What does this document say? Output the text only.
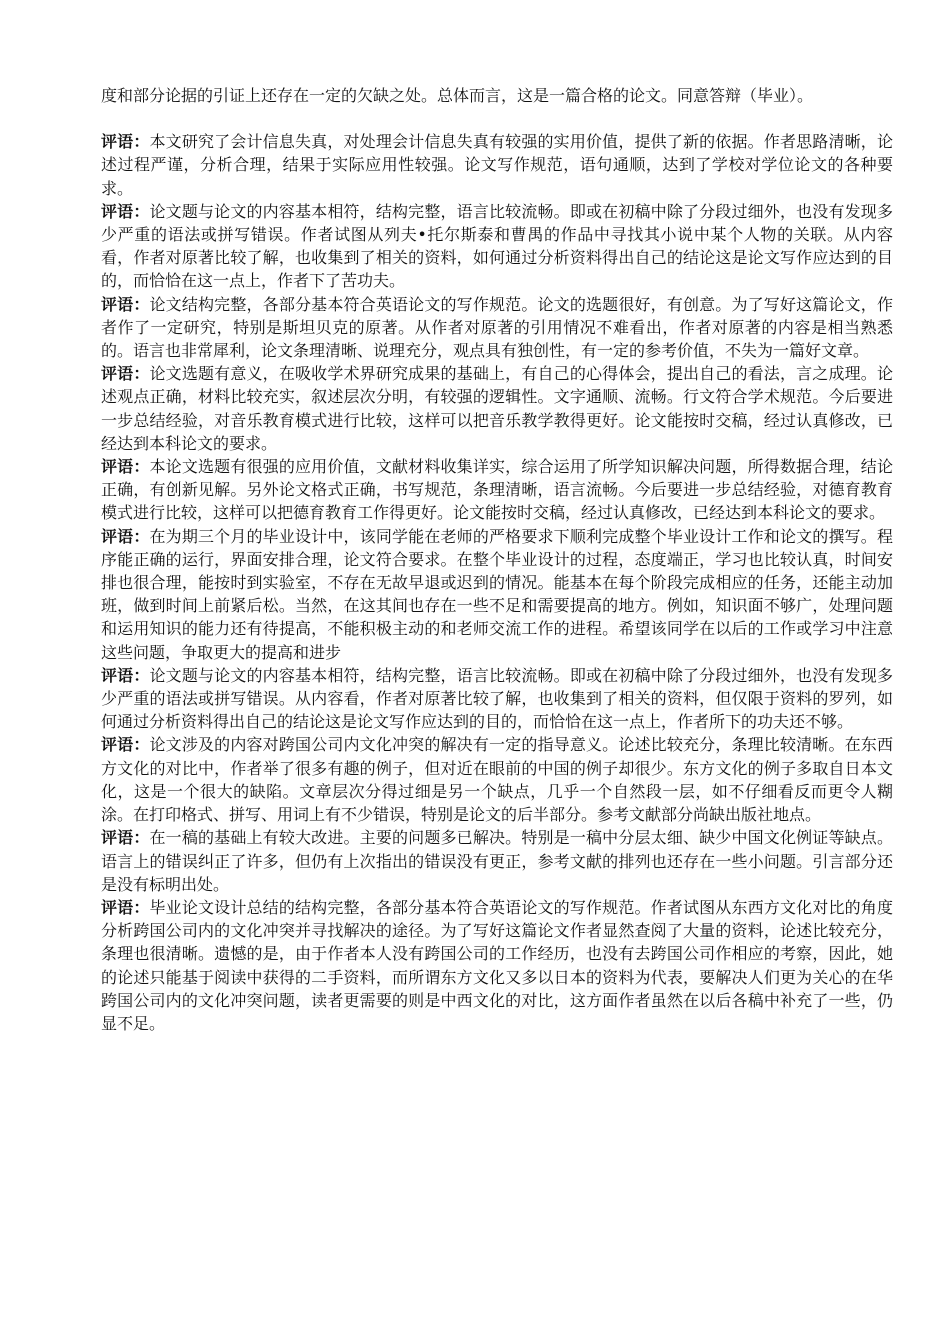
度和部分论据的引证上还存在一定的欠缺之处。总体而言，这是一篇合格的论文。同意答辩（毕业）。

评语：本文研究了会计信息失真，对处理会计信息失真有较强的实用价值，提供了新的依据。作者思路清晰，论述过程严谨，分析合理，结果于实际应用性较强。论文写作规范，语句通顺，达到了学校对学位论文的各种要求。

评语：论文题与论文的内容基本相符，结构完整，语言比较流畅。即或在初稿中除了分段过细外，也没有发现多少严重的语法或拼写错误。作者试图从列夫•托尔斯泰和曹禺的作品中寻找其小说中某个人物的关联。从内容看，作者对原著比较了解，也收集到了相关的资料，如何通过分析资料得出自己的结论这是论文写作应达到的目的，而恰恰在这一点上，作者下了苦功夫。

评语：论文结构完整，各部分基本符合英语论文的写作规范。论文的选题很好，有创意。为了写好这篇论文，作者作了一定研究，特别是斯坦贝克的原著。从作者对原著的引用情况不难看出，作者对原著的内容是相当熟悉的。语言也非常犀利，论文条理清晰、说理充分，观点具有独创性，有一定的参考价值，不失为一篇好文章。

评语：论文选题有意义，在吸收学术界研究成果的基础上，有自己的心得体会，提出自己的看法，言之成理。论述观点正确，材料比较充实，叙述层次分明，有较强的逻辑性。文字通顺、流畅。行文符合学术规范。今后要进一步总结经验，对音乐教育模式进行比较，这样可以把音乐教学教得更好。论文能按时交稿，经过认真修改，已经达到本科论文的要求。

评语：本论文选题有很强的应用价值，文献材料收集详实，综合运用了所学知识解决问题，所得数据合理，结论正确，有创新见解。另外论文格式正确，书写规范，条理清晰，语言流畅。今后要进一步总结经验，对德育教育模式进行比较，这样可以把德育教育工作得更好。论文能按时交稿，经过认真修改，已经达到本科论文的要求。

评语：在为期三个月的毕业设计中，该同学能在老师的严格要求下顺利完成整个毕业设计工作和论文的撰写。程序能正确的运行，界面安排合理，论文符合要求。在整个毕业设计的过程，态度端正，学习也比较认真，时间安排也很合理，能按时到实验室，不存在无故早退或迟到的情况。能基本在每个阶段完成相应的任务，还能主动加班，做到时间上前紧后松。当然，在这其间也存在一些不足和需要提高的地方。例如，知识面不够广，处理问题和运用知识的能力还有待提高，不能积极主动的和老师交流工作的进程。希望该同学在以后的工作或学习中注意这些问题，争取更大的提高和进步

评语：论文题与论文的内容基本相符，结构完整，语言比较流畅。即或在初稿中除了分段过细外，也没有发现多少严重的语法或拼写错误。从内容看，作者对原著比较了解，也收集到了相关的资料，但仅限于资料的罗列，如何通过分析资料得出自己的结论这是论文写作应达到的目的，而恰恰在这一点上，作者所下的功夫还不够。

评语：论文涉及的内容对跨国公司内文化冲突的解决有一定的指导意义。论述比较充分，条理比较清晰。在东西方文化的对比中，作者举了很多有趣的例子，但对近在眼前的中国的例子却很少。东方文化的例子多取自日本文化，这是一个很大的缺陷。文章层次分得过细是另一个缺点，几乎一个自然段一层，如不仔细看反而更令人糊涂。在打印格式、拼写、用词上有不少错误，特别是论文的后半部分。参考文献部分尚缺出版社地点。

评语：在一稿的基础上有较大改进。主要的问题多已解决。特别是一稿中分层太细、缺少中国文化例证等缺点。语言上的错误纠正了许多，但仍有上次指出的错误没有更正，参考文献的排列也还存在一些小问题。引言部分还是没有标明出处。

评语：毕业论文设计总结的结构完整，各部分基本符合英语论文的写作规范。作者试图从东西方文化对比的角度分析跨国公司内的文化冲突并寻找解决的途径。为了写好这篇论文作者显然查阅了大量的资料，论述比较充分，条理也很清晰。遗憾的是，由于作者本人没有跨国公司的工作经历，也没有去跨国公司作相应的考察，因此，她的论述只能基于阅读中获得的二手资料，而所谓东方文化又多以日本的资料为代表，要解决人们更为关心的在华跨国公司内的文化冲突问题，读者更需要的则是中西文化的对比，这方面作者虽然在以后各稿中补充了一些，仍显不足。
